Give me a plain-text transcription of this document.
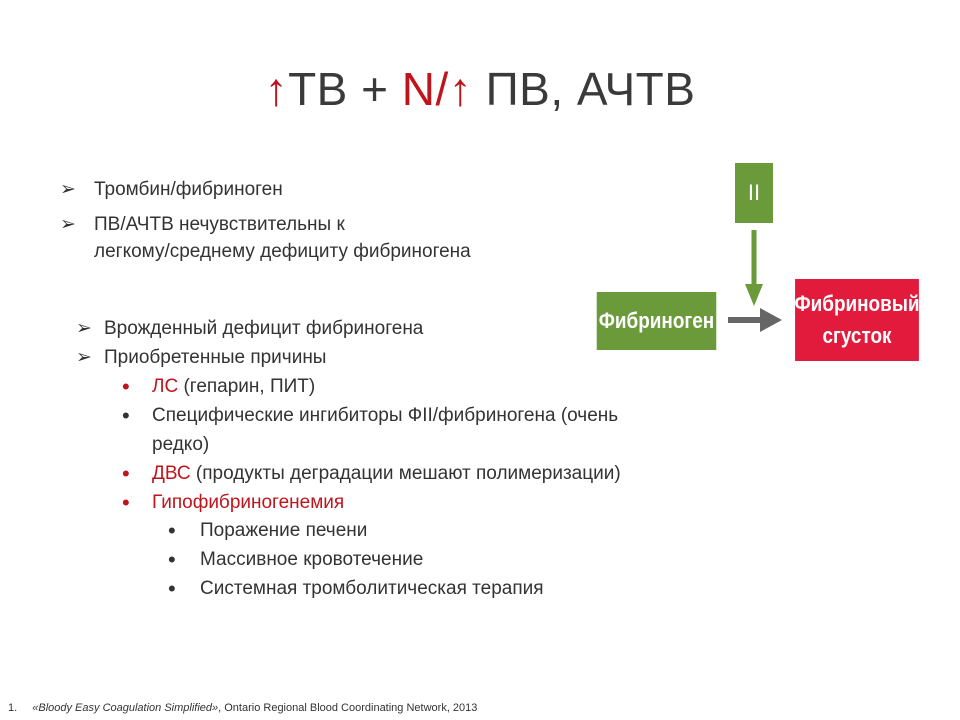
↑ТВ + N/↑ ПВ, АЧТВ
➢ Тромбин/фибриноген
➢ ПВ/АЧТВ нечувствительны к
легкому/среднему дефициту фибриногена
➢ Врожденный дефицит фибриногена
➢ Приобретенные причины
• ЛС (гепарин, ПИТ)
• Специфические ингибиторы ФII/фибриногена (очень
редко)
• ДВС (продукты деградации мешают полимеризации)
• Гипофибриногенемия
• Поражение печени
• Массивное кровотечение
• Системная тромболитическая терапия
II
Фибриноген
Фибриновый
сгусток
1. «Bloody Easy Coagulation Simplified», Ontario Regional Blood Coordinating Network, 2013
